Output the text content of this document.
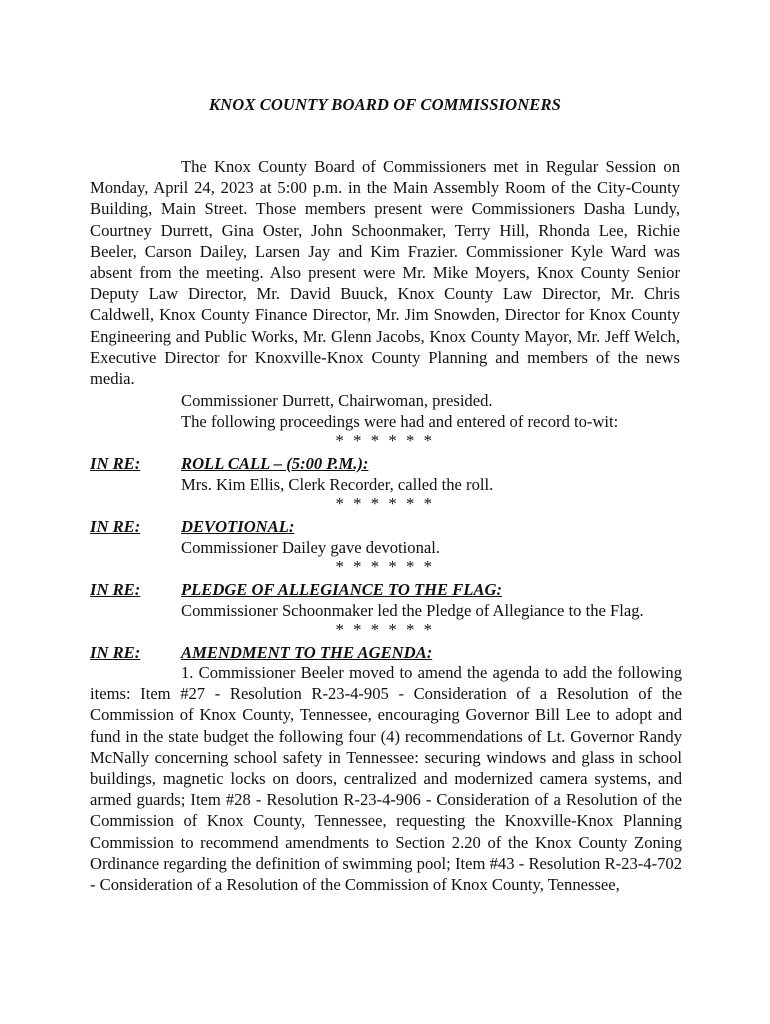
KNOX COUNTY BOARD OF COMMISSIONERS

The Knox County Board of Commissioners met in Regular Session on Monday, April 24, 2023 at 5:00 p.m. in the Main Assembly Room of the City-County Building, Main Street. Those members present were Commissioners Dasha Lundy, Courtney Durrett, Gina Oster, John Schoonmaker, Terry Hill, Rhonda Lee, Richie Beeler, Carson Dailey, Larsen Jay and Kim Frazier. Commissioner Kyle Ward was absent from the meeting. Also present were Mr. Mike Moyers, Knox County Senior Deputy Law Director, Mr. David Buuck, Knox County Law Director, Mr. Chris Caldwell, Knox County Finance Director, Mr. Jim Snowden, Director for Knox County Engineering and Public Works, Mr. Glenn Jacobs, Knox County Mayor, Mr. Jeff Welch, Executive Director for Knoxville-Knox County Planning and members of the news media.

Commissioner Durrett, Chairwoman, presided.

The following proceedings were had and entered of record to-wit:

* * * * * *

IN RE: ROLL CALL – (5:00 P.M.):

Mrs. Kim Ellis, Clerk Recorder, called the roll.

* * * * * *

IN RE: DEVOTIONAL:

Commissioner Dailey gave devotional.

* * * * * *

IN RE: PLEDGE OF ALLEGIANCE TO THE FLAG:

Commissioner Schoonmaker led the Pledge of Allegiance to the Flag.

* * * * * *

IN RE: AMENDMENT TO THE AGENDA:

1. Commissioner Beeler moved to amend the agenda to add the following items: Item #27 - Resolution R-23-4-905 - Consideration of a Resolution of the Commission of Knox County, Tennessee, encouraging Governor Bill Lee to adopt and fund in the state budget the following four (4) recommendations of Lt. Governor Randy McNally concerning school safety in Tennessee: securing windows and glass in school buildings, magnetic locks on doors, centralized and modernized camera systems, and armed guards; Item #28 - Resolution R-23-4-906 - Consideration of a Resolution of the Commission of Knox County, Tennessee, requesting the Knoxville-Knox Planning Commission to recommend amendments to Section 2.20 of the Knox County Zoning Ordinance regarding the definition of swimming pool; Item #43 - Resolution R-23-4-702 - Consideration of a Resolution of the Commission of Knox County, Tennessee,
